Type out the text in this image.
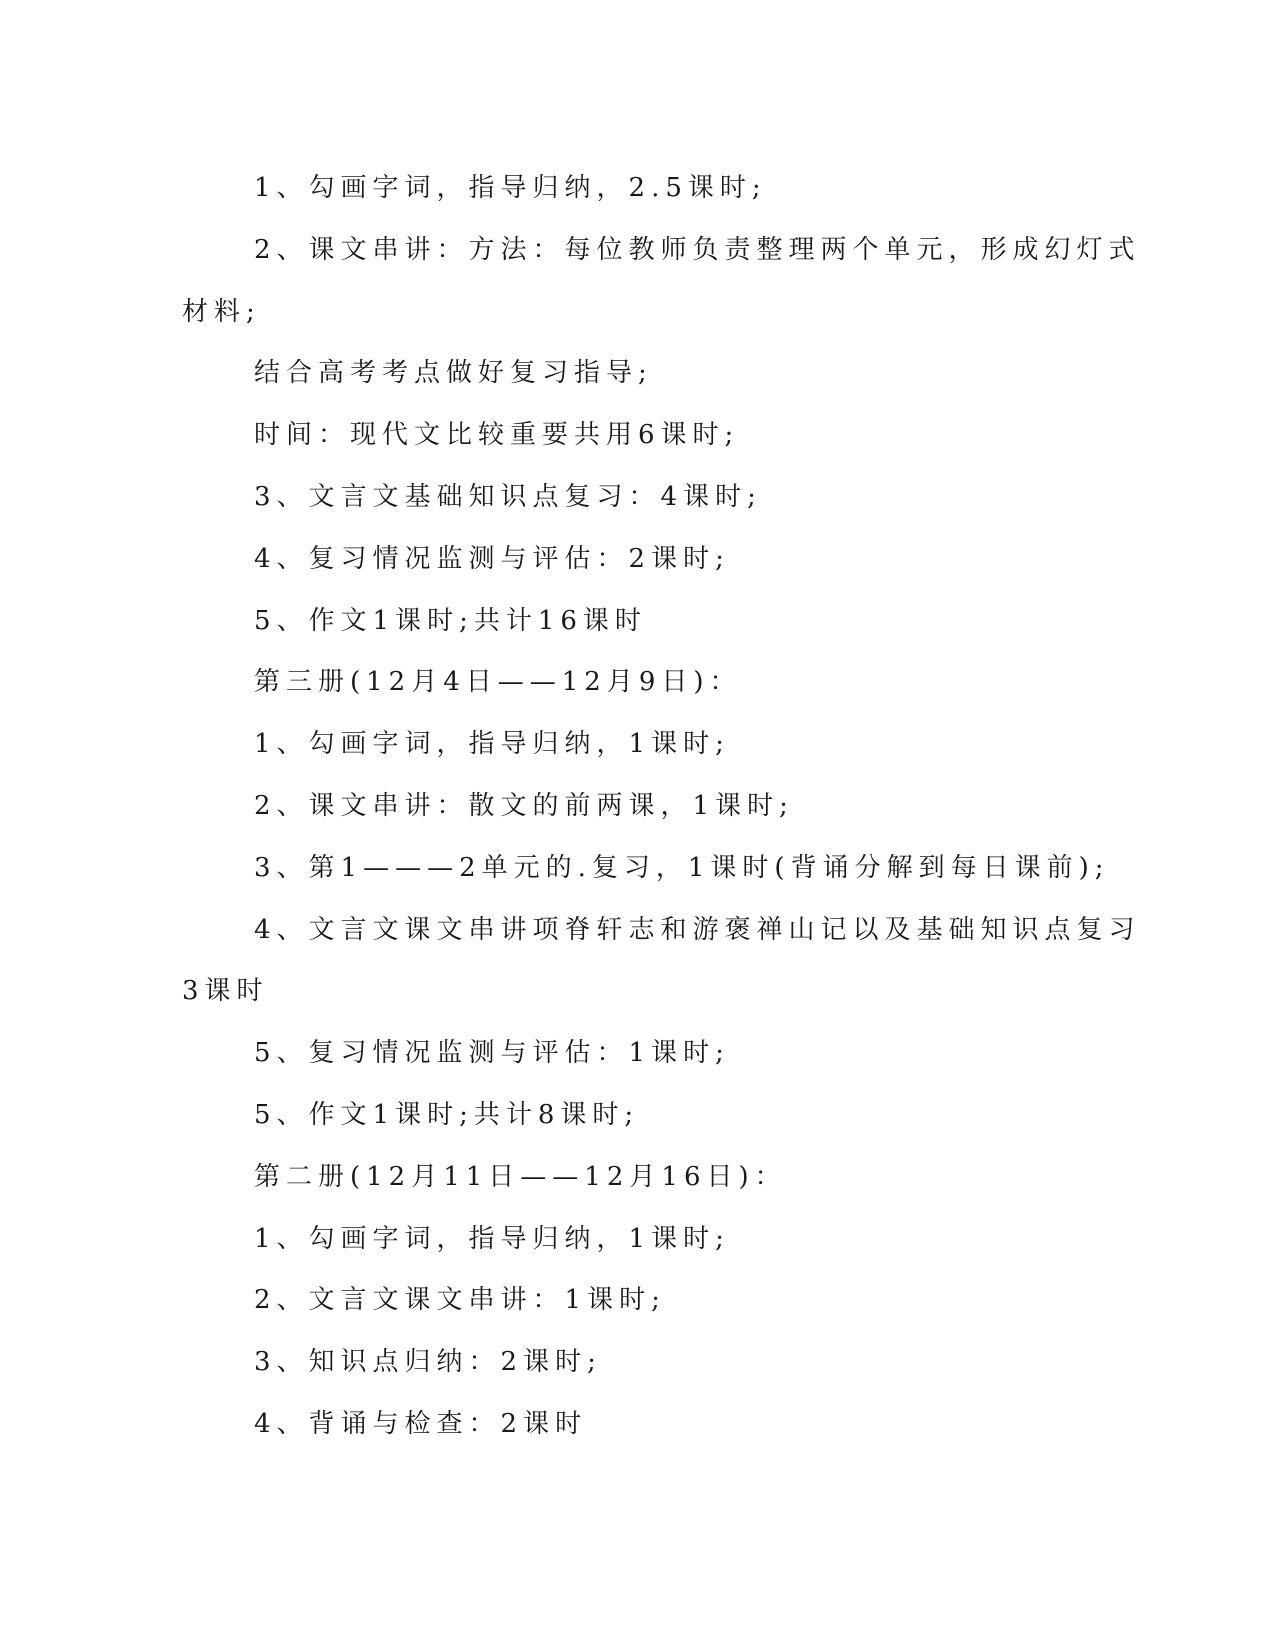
1、勾画字词，指导归纳，2.5课时;

2、课文串讲：方法：每位教师负责整理两个单元，形成幻灯式

材料;

结合高考考点做好复习指导;

时间：现代文比较重要共用6课时;

3、文言文基础知识点复习：4课时;

4、复习情况监测与评估：2课时;

5、作文1课时;共计16课时

第三册(12月4日——12月9日)：

1、勾画字词，指导归纳，1课时;

2、课文串讲：散文的前两课，1课时;

3、第1———2单元的.复习，1课时(背诵分解到每日课前);

4、文言文课文串讲项脊轩志和游褒禅山记以及基础知识点复习

3课时

5、复习情况监测与评估：1课时;

5、作文1课时;共计8课时;

第二册(12月11日——12月16日)：

1、勾画字词，指导归纳，1课时;

2、文言文课文串讲：1课时;

3、知识点归纳：2课时;

4、背诵与检查：2课时
